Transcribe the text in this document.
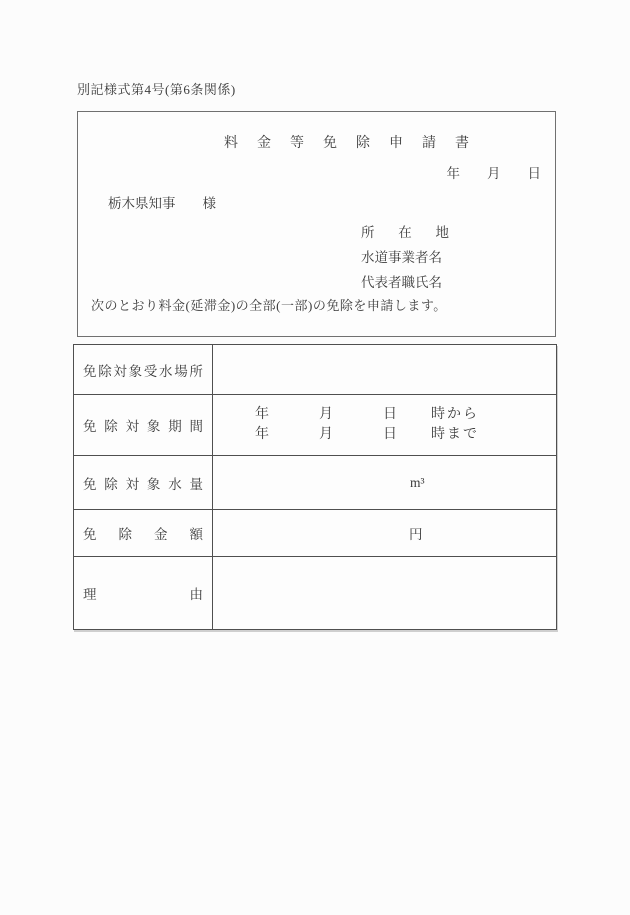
別記様式第4号(第6条関係)
料金等免除申請書
年　　月　　日
栃木県知事　　様
所 在 地
水道事業者名
代表者職氏名
次のとおり料金(延滞金)の全部(一部)の免除を申請します。
免 除 対 象 受 水 場 所
免 除 対 象 期 間
年　　　月　　　日　　時から
年　　　月　　　日　　時まで
免 除 対 象 水 量	m³
免 除 金 額	円
理	由
